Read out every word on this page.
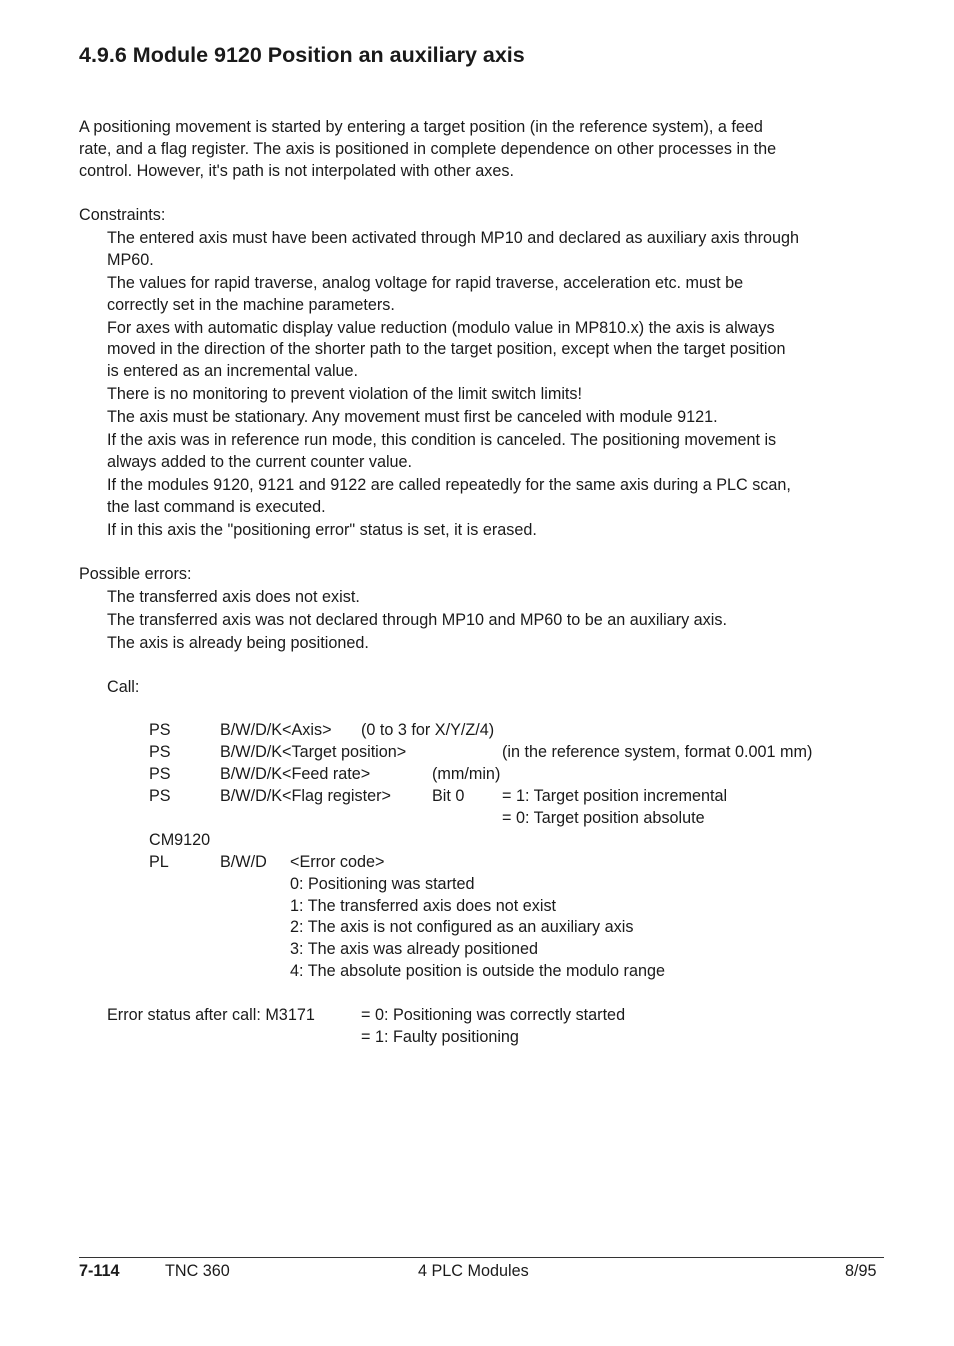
4.9.6 Module 9120 Position an auxiliary axis

A positioning movement is started by entering a target position (in the reference system), a feed

rate, and a flag register. The axis is positioned in complete dependence on other processes in the

control. However, it's path is not interpolated with other axes.

Constraints:
The entered axis must have been activated through MP10 and declared as auxiliary axis through
MP60.
The values for rapid traverse, analog voltage for rapid traverse, acceleration etc. must be
correctly set in the machine parameters.
For axes with automatic display value reduction (modulo value in MP810.x) the axis is always
moved in the direction of the shorter path to the target position, except when the target position
is entered as an incremental value.
There is no monitoring to prevent violation of the limit switch limits!
The axis must be stationary. Any movement must first be canceled with module 9121.
If the axis was in reference run mode, this condition is canceled. The positioning movement is
always added to the current counter value.
If the modules 9120, 9121 and 9122 are called repeatedly for the same axis during a PLC scan,
the last command is executed.
If in this axis the "positioning error" status is set, it is erased.
Possible errors:
The transferred axis does not exist.
The transferred axis was not declared through MP10 and MP60 to be an auxiliary axis.
The axis is already being positioned.
Call:
PS	B/W/D/K<Axis> (0 to 3 for X/Y/Z/4)
PS	B/W/D/K<Target position>	(in the reference system, format 0.001 mm)
PS	B/W/D/K<Feed rate>	(mm/min)
PS	B/W/D/K<Flag register>	Bit 0 = 1: Target position incremental
= 0: Target position absolute
CM9120
PL	B/W/D <Error code>
0: Positioning was started
1: The transferred axis does not exist
2: The axis is not configured as an auxiliary axis
3: The axis was already positioned
4: The absolute position is outside the modulo range
Error status after call: M3171	= 0: Positioning was correctly started
= 1: Faulty positioning
7-114	TNC 360	4 PLC Modules	8/95
